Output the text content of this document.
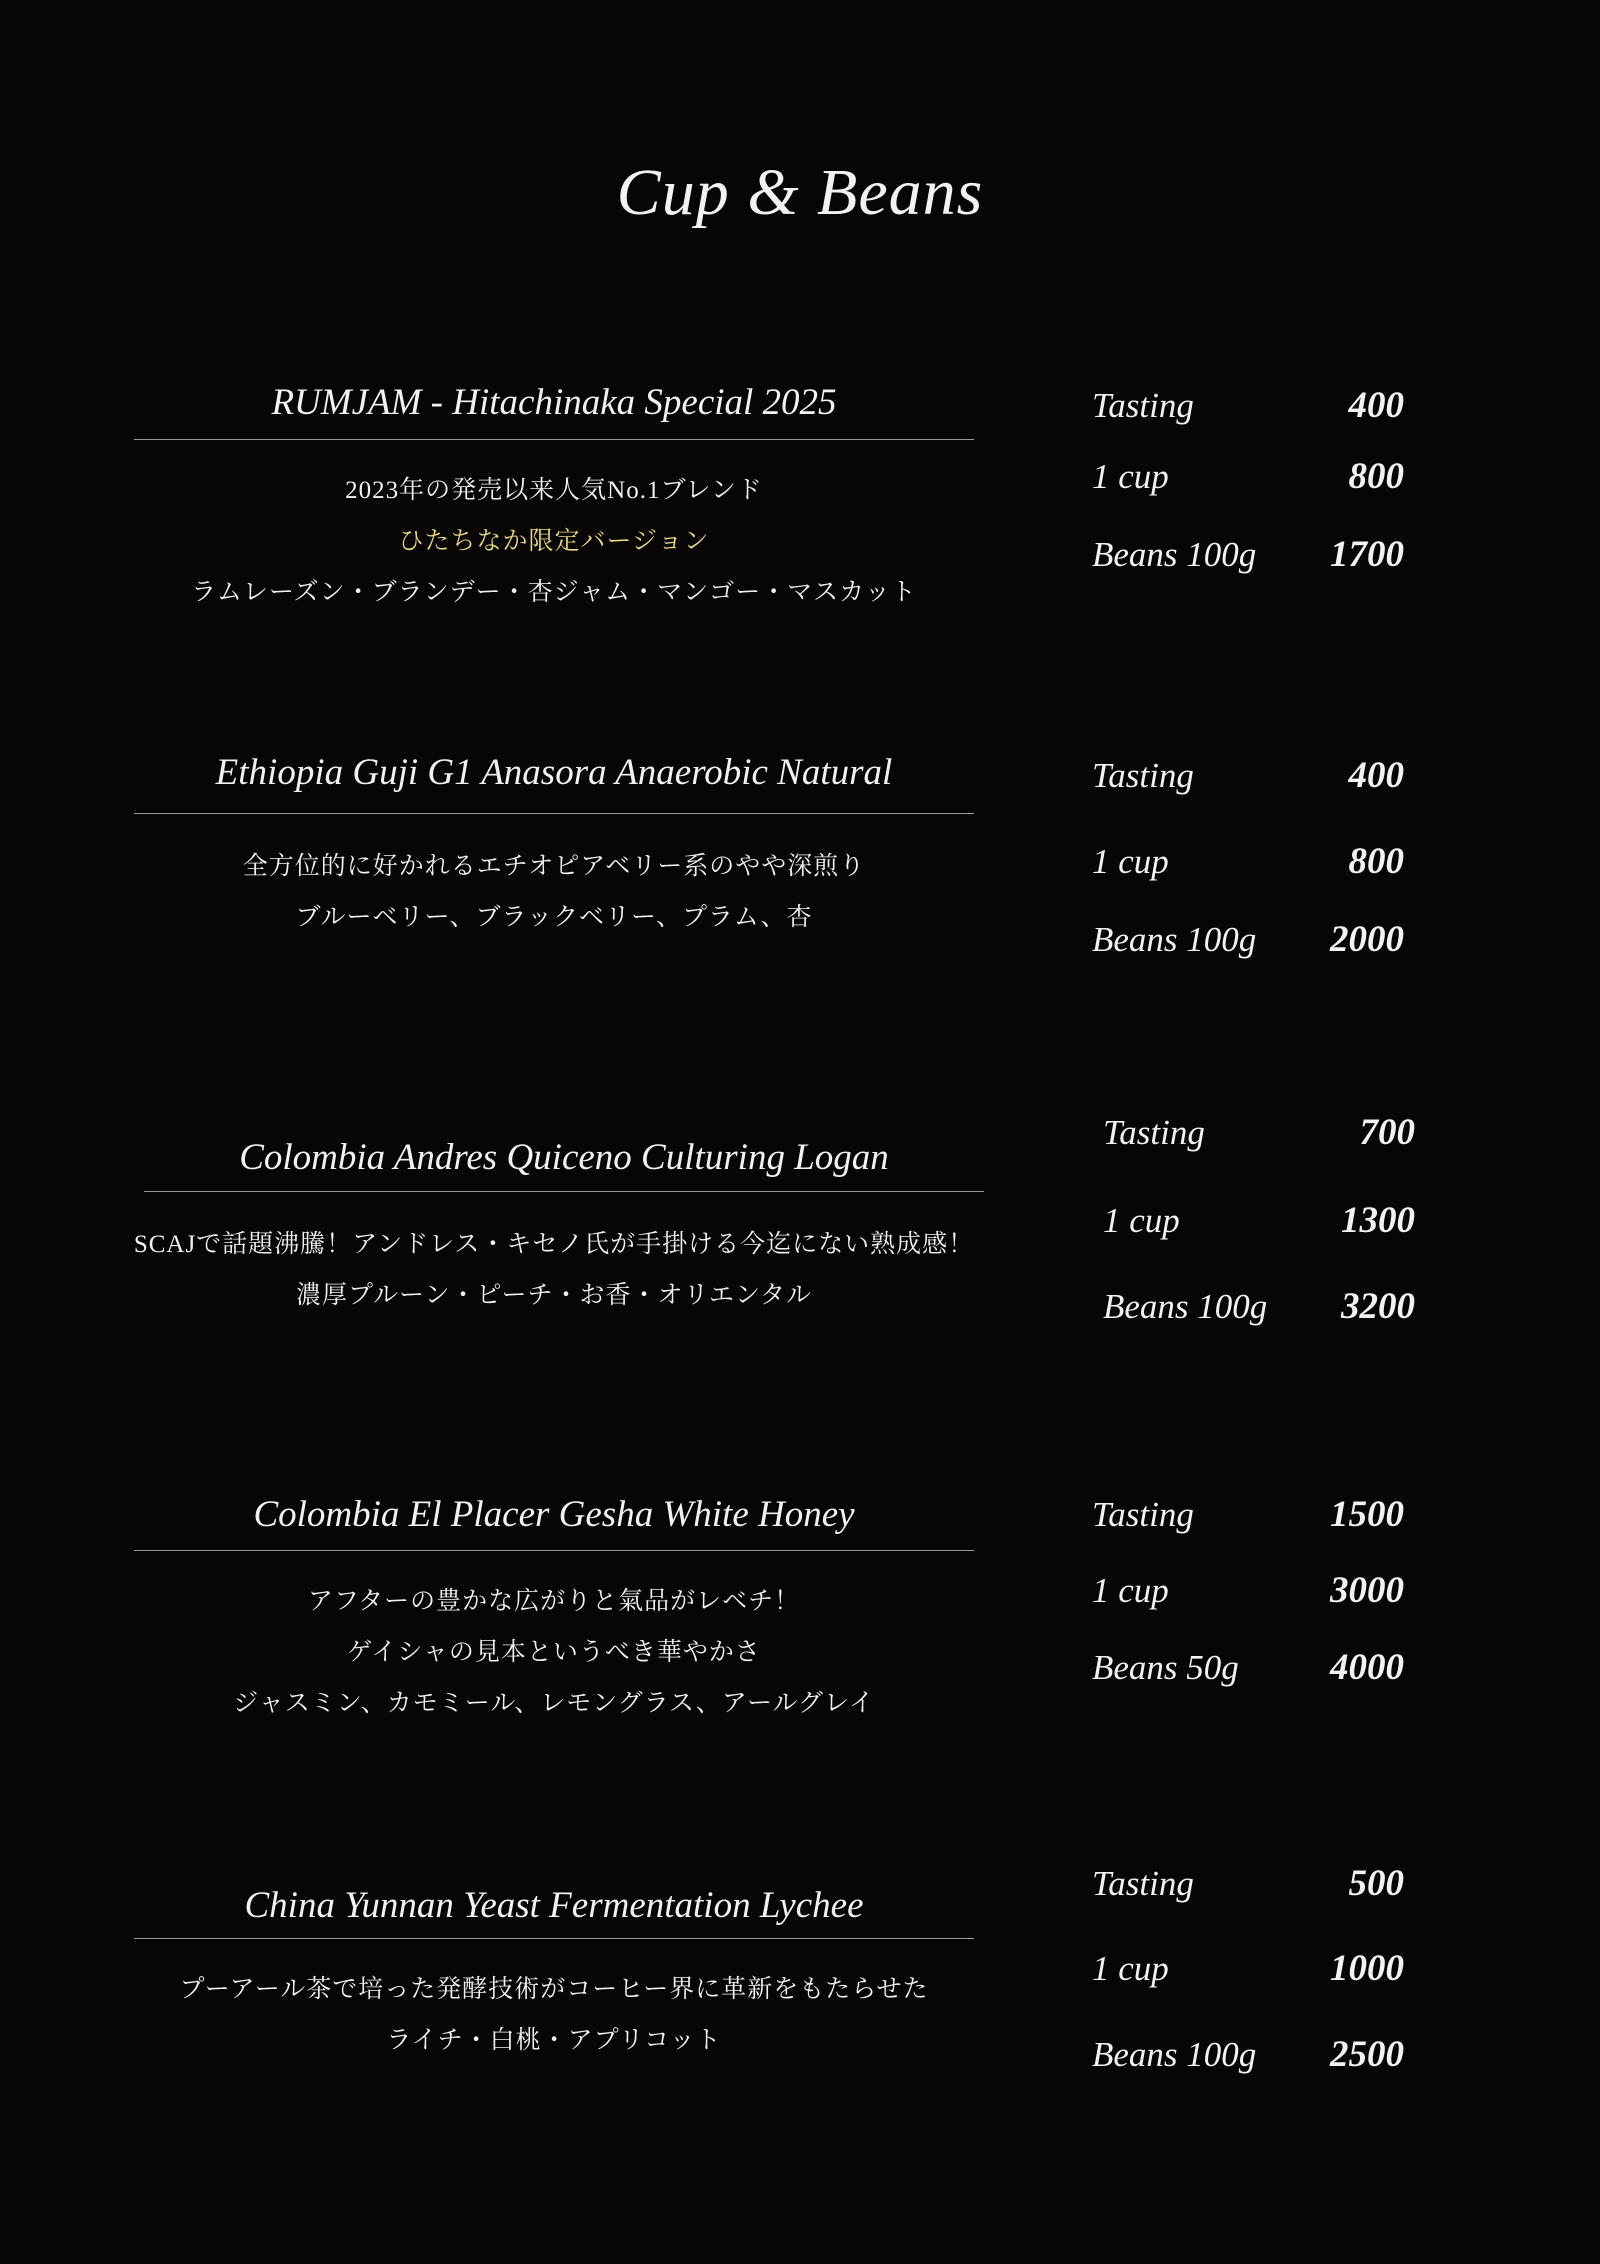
Cup & Beans
RUMJAM - Hitachinaka Special 2025
2023年の発売以来人気No.1ブレンド
ひたちなか限定バージョン
ラムレーズン・ブランデー・杏ジャム・マンゴー・マスカット
Tasting	400
1 cup	800
Beans 100g 1700
Ethiopia Guji G1 Anasora Anaerobic Natural
全方位的に好かれるエチオピアベリー系のやや深煎り
ブルーベリー、ブラックベリー、プラム、杏
Tasting	400
1 cup	800
Beans 100g 2000
Colombia Andres Quiceno Culturing Logan
SCAJで話題沸騰！アンドレス・キセノ氏が手掛ける今迄にない熟成感！
濃厚プルーン・ピーチ・お香・オリエンタル
Tasting	700
1 cup	1300
Beans 100g 3200
Colombia El Placer Gesha White Honey
アフターの豊かな広がりと氣品がレベチ！
ゲイシャの見本というべき華やかさ
ジャスミン、カモミール、レモングラス、アールグレイ
Tasting	1500
1 cup	3000
Beans 50g 4000
China Yunnan Yeast Fermentation Lychee
プーアール茶で培った発酵技術がコーヒー界に革新をもたらせた
ライチ・白桃・アプリコット
Tasting	500
1 cup	1000
Beans 100g 2500
